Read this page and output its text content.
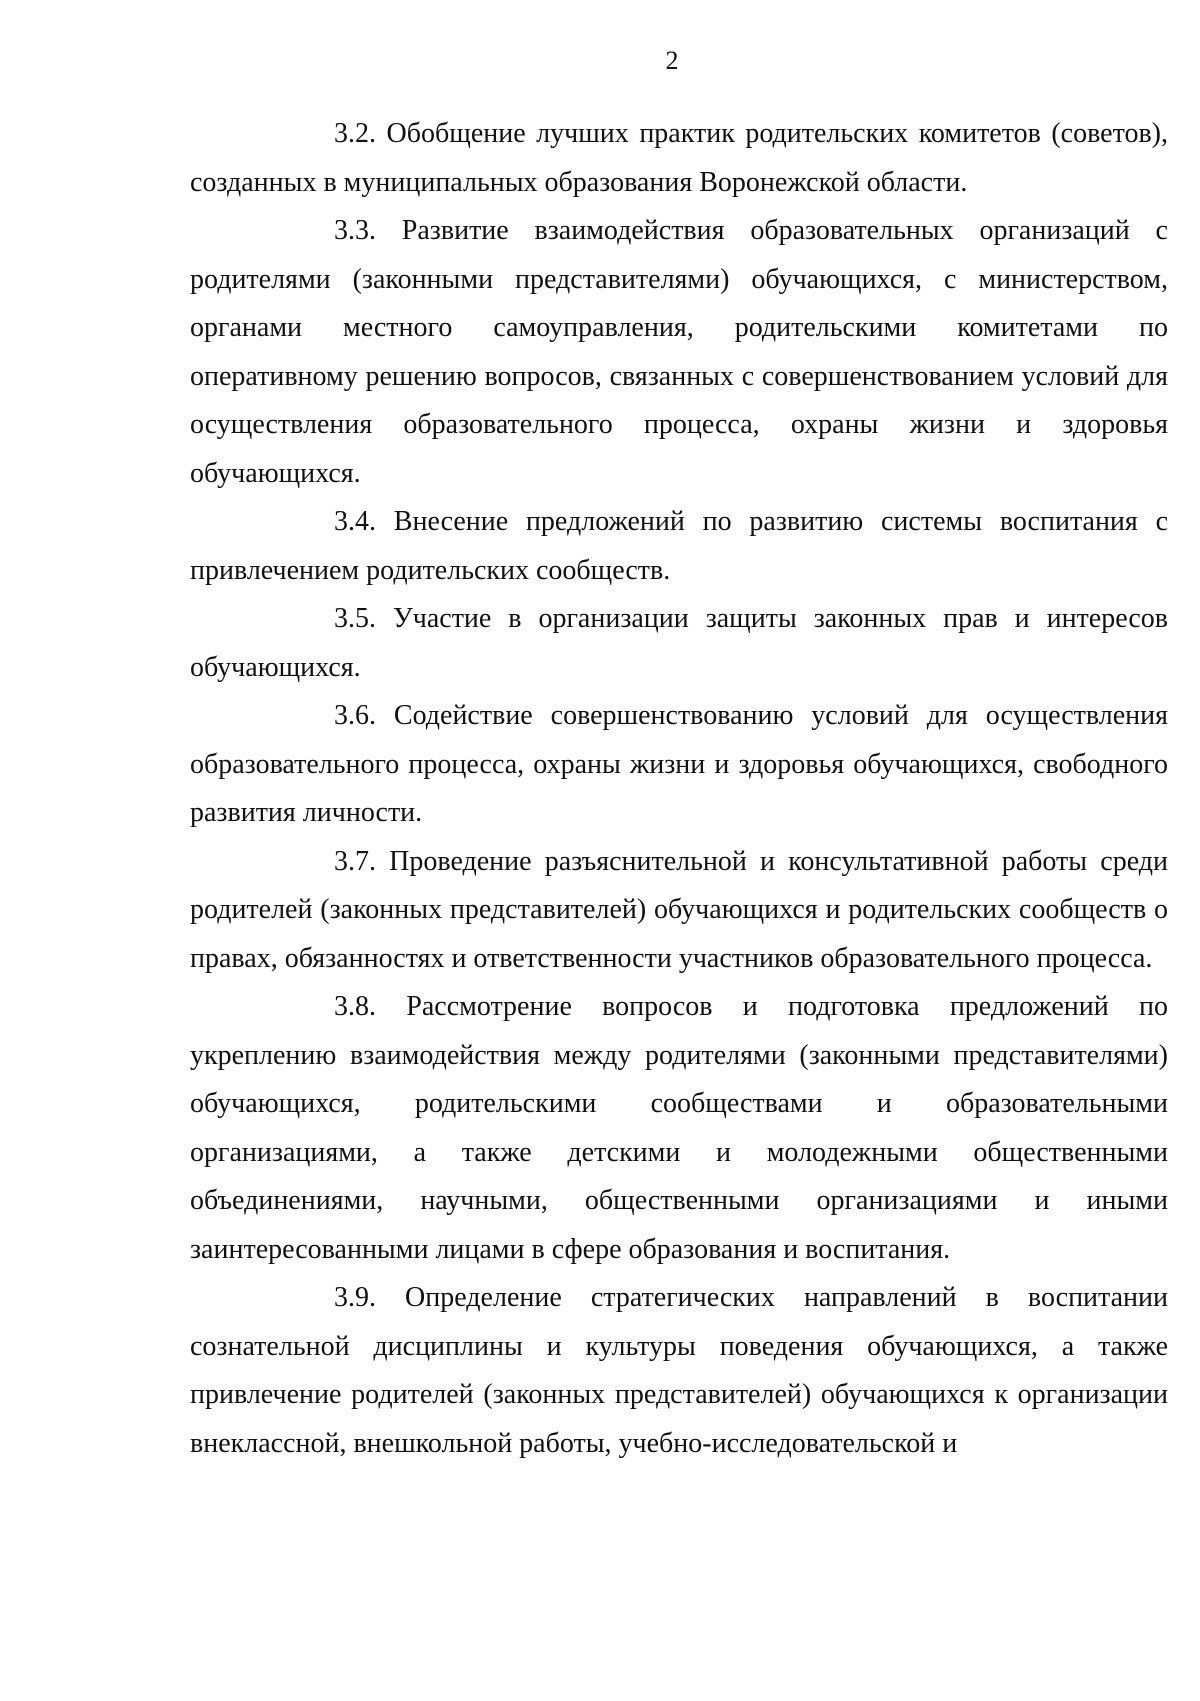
2

3.2. Обобщение лучших практик родительских комитетов (советов), созданных в муниципальных образования Воронежской области.

3.3. Развитие взаимодействия образовательных организаций с родителями (законными представителями) обучающихся, с министерством, органами местного самоуправления, родительскими комитетами по оперативному решению вопросов, связанных с совершенствованием условий для осуществления образовательного процесса, охраны жизни и здоровья обучающихся.

3.4. Внесение предложений по развитию системы воспитания с привлечением родительских сообществ.

3.5. Участие в организации защиты законных прав и интересов обучающихся.

3.6. Содействие совершенствованию условий для осуществления образовательного процесса, охраны жизни и здоровья обучающихся, свободного развития личности.

3.7. Проведение разъяснительной и консультативной работы среди родителей (законных представителей) обучающихся и родительских сообществ о правах, обязанностях и ответственности участников образовательного процесса.

3.8. Рассмотрение вопросов и подготовка предложений по укреплению взаимодействия между родителями (законными представителями) обучающихся, родительскими сообществами и образовательными организациями, а также детскими и молодежными общественными объединениями, научными, общественными организациями и иными заинтересованными лицами в сфере образования и воспитания.

3.9. Определение стратегических направлений в воспитании сознательной дисциплины и культуры поведения обучающихся, а также привлечение родителей (законных представителей) обучающихся к организации внеклассной, внешкольной работы, учебно-исследовательской и
